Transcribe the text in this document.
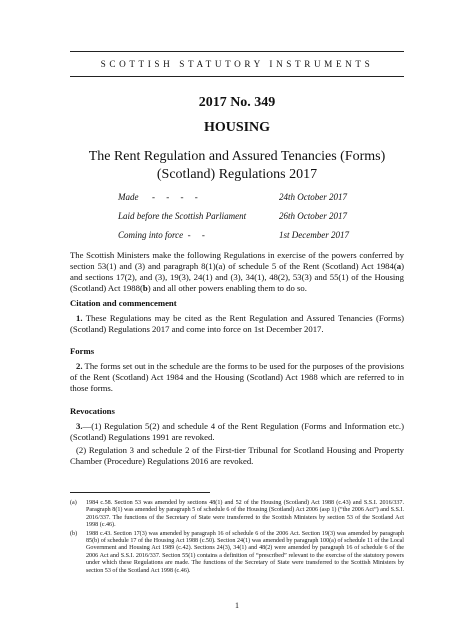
SCOTTISH STATUTORY INSTRUMENTS
2017 No. 349
HOUSING
The Rent Regulation and Assured Tenancies (Forms) (Scotland) Regulations 2017
Made      -     -     -     -	24th October 2017
Laid before the Scottish Parliament	26th October 2017
Coming into force  -     -	1st December 2017
The Scottish Ministers make the following Regulations in exercise of the powers conferred by section 53(1) and (3) and paragraph 8(1)(a) of schedule 5 of the Rent (Scotland) Act 1984(a) and sections 17(2), and (3), 19(3), 24(1) and (3), 34(1), 48(2), 53(3) and 55(1) of the Housing (Scotland) Act 1988(b) and all other powers enabling them to do so.
Citation and commencement
1. These Regulations may be cited as the Rent Regulation and Assured Tenancies (Forms) (Scotland) Regulations 2017 and come into force on 1st December 2017.
Forms
2. The forms set out in the schedule are the forms to be used for the purposes of the provisions of the Rent (Scotland) Act 1984 and the Housing (Scotland) Act 1988 which are referred to in those forms.
Revocations
3.—(1) Regulation 5(2) and schedule 4 of the Rent Regulation (Forms and Information etc.) (Scotland) Regulations 1991 are revoked.
(2) Regulation 3 and schedule 2 of the First-tier Tribunal for Scotland Housing and Property Chamber (Procedure) Regulations 2016 are revoked.
(a) 1984 c.58. Section 53 was amended by sections 48(1) and 52 of the Housing (Scotland) Act 1988 (c.43) and S.S.I. 2016/337. Paragraph 8(1) was amended by paragraph 5 of schedule 6 of the Housing (Scotland) Act 2006 (asp 1) (“the 2006 Act”) and S.S.I. 2016/337. The functions of the Secretary of State were transferred to the Scottish Ministers by section 53 of the Scotland Act 1998 (c.46).
(b) 1988 c.43. Section 17(3) was amended by paragraph 16 of schedule 6 of the 2006 Act. Section 19(3) was amended by paragraph 85(b) of schedule 17 of the Housing Act 1988 (c.50). Section 24(1) was amended by paragraph 100(a) of schedule 11 of the Local Government and Housing Act 1989 (c.42). Sections 24(3), 34(1) and 48(2) were amended by paragraph 16 of schedule 6 of the 2006 Act and S.S.I. 2016/337. Section 55(1) contains a definition of “prescribed” relevant to the exercise of the statutory powers under which these Regulations are made. The functions of the Secretary of State were transferred to the Scottish Ministers by section 53 of the Scotland Act 1998 (c.46).
1
